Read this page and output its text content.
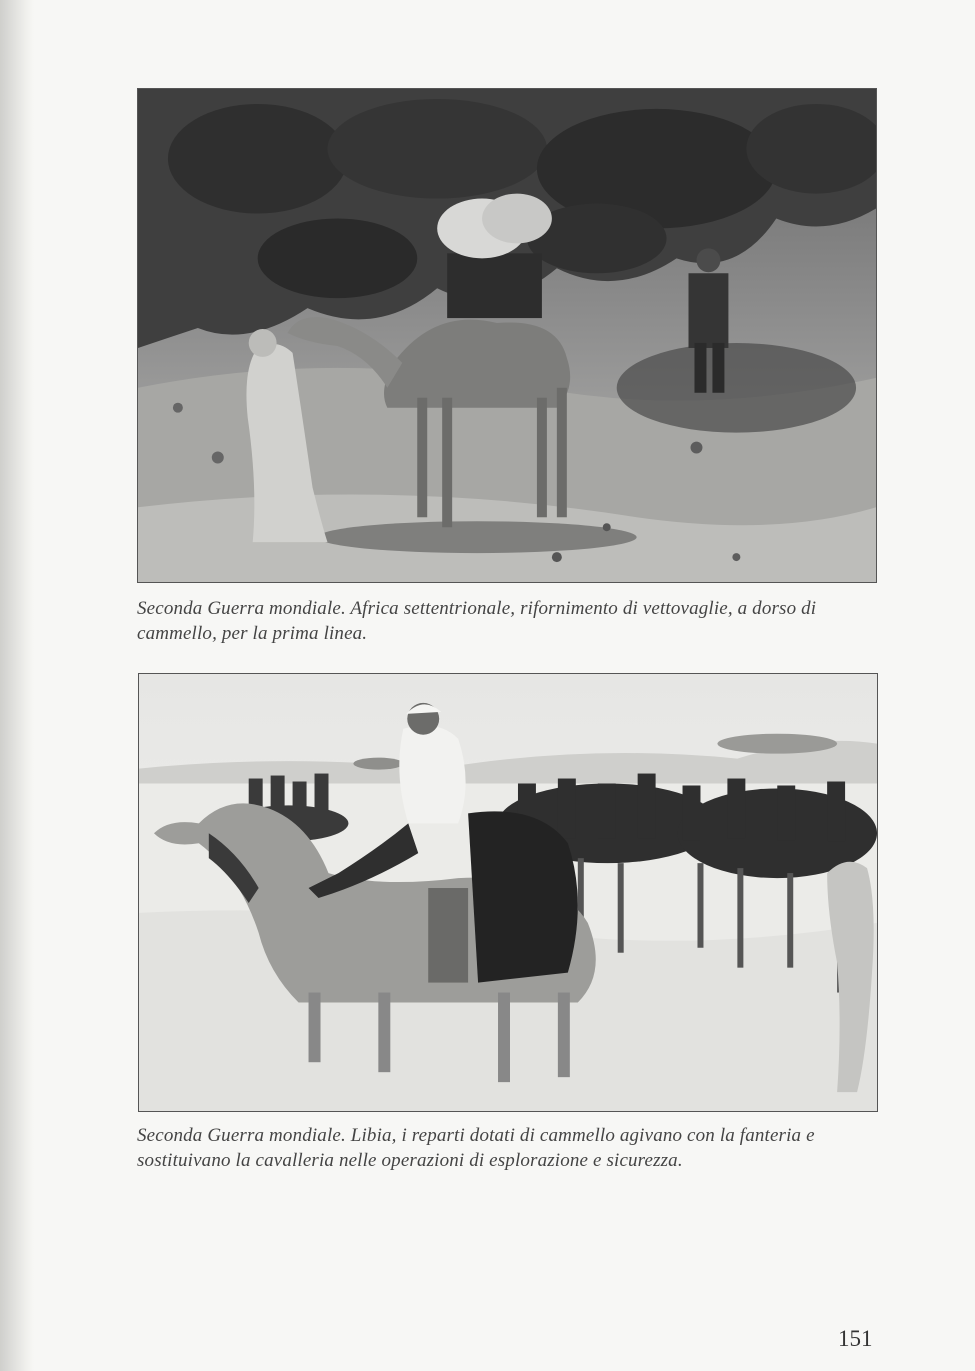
Seconda Guerra mondiale. Africa settentrionale, rifornimento di vettovaglie, a dorso di cammello, per la prima linea.

Seconda Guerra mondiale. Libia, i reparti dotati di cammello agivano con la fanteria e sostituivano la cavalleria nelle operazioni di esplorazione e sicurezza.

151
